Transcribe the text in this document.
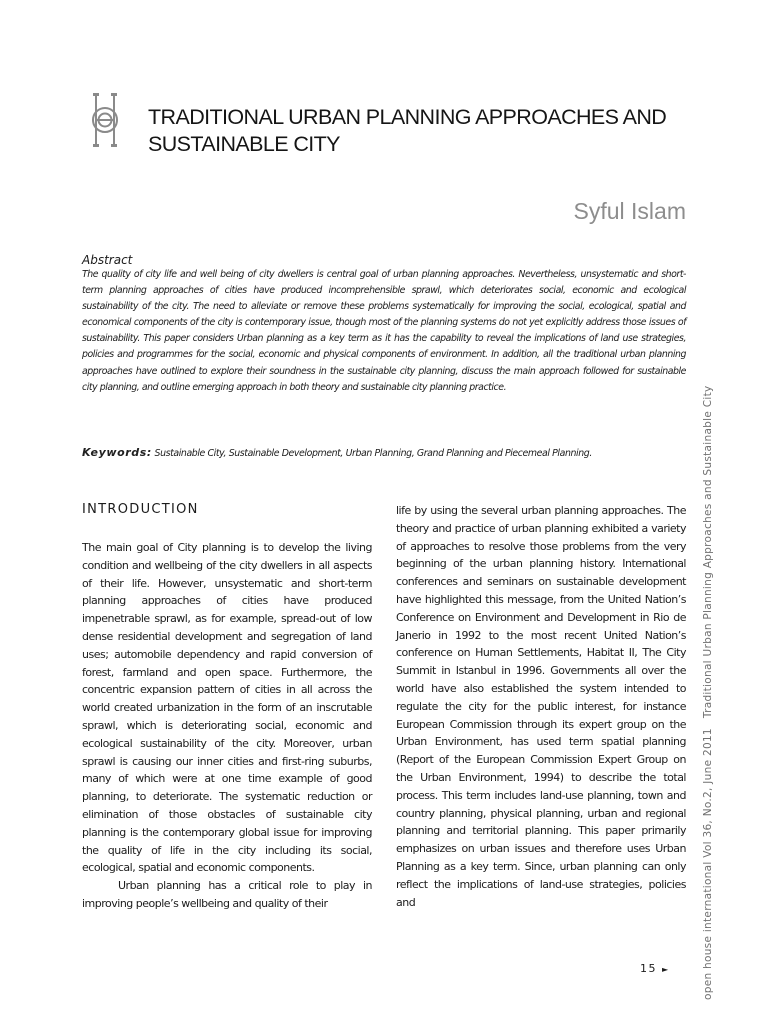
TRADITIONAL URBAN PLANNING APPROACHES AND SUSTAINABLE CITY
Syful Islam
Abstract

The quality of city life and well being of city dwellers is central goal of urban planning approaches. Nevertheless, unsystematic and short-term planning approaches of cities have produced incomprehensible sprawl, which deteriorates social, economic and ecological sustainability of the city. The need to alleviate or remove these problems systematically for improving the social, ecological, spatial and economical components of the city is contemporary issue, though most of the planning systems do not yet explicitly address those issues of sustainability. This paper considers Urban planning as a key term as it has the capability to reveal the implications of land use strategies, policies and programmes for the social, economic and physical components of environment. In addition, all the traditional urban planning approaches have outlined to explore their soundness in the sustainable city planning, discuss the main approach followed for sustainable city planning, and outline emerging approach in both theory and sustainable city planning practice.

Keywords: Sustainable City, Sustainable Development, Urban Planning, Grand Planning and Piecemeal Planning.
INTRODUCTION

The main goal of City planning is to develop the living condition and wellbeing of the city dwellers in all aspects of their life. However, unsystematic and short-term planning approaches of cities have produced impenetrable sprawl, as for example, spread-out of low dense residential development and segregation of land uses; automobile dependency and rapid conversion of forest, farmland and open space. Furthermore, the concentric expansion pattern of cities in all across the world created urbanization in the form of an inscrutable sprawl, which is deteriorating social, economic and ecological sustainability of the city. Moreover, urban sprawl is causing our inner cities and first-ring suburbs, many of which were at one time example of good planning, to deteriorate. The systematic reduction or elimination of those obstacles of sustainable city planning is the contemporary global issue for improving the quality of life in the city including its social, ecological, spatial and economic components.

Urban planning has a critical role to play in improving people’s wellbeing and quality of their

life by using the several urban planning approaches. The theory and practice of urban planning exhibited a variety of approaches to resolve those problems from the very beginning of the urban planning history. International conferences and seminars on sustainable development have highlighted this message, from the United Nation’s Conference on Environment and Development in Rio de Janerio in 1992 to the most recent United Nation’s conference on Human Settlements, Habitat II, The City Summit in Istanbul in 1996. Governments all over the world have also established the system intended to regulate the city for the public interest, for instance European Commission through its expert group on the Urban Environment, has used term spatial planning (Report of the European Commission Expert Group on the Urban Environment, 1994) to describe the total process. This term includes land-use planning, town and country planning, physical planning, urban and regional planning and territorial planning. This paper primarily emphasizes on urban issues and therefore uses Urban Planning as a key term. Since, urban planning can only reflect the implications of land-use strategies, policies and

15 ►	open house international Vol 36, No.2, June 2011Traditional Urban Planning Approaches and Sustainable City
